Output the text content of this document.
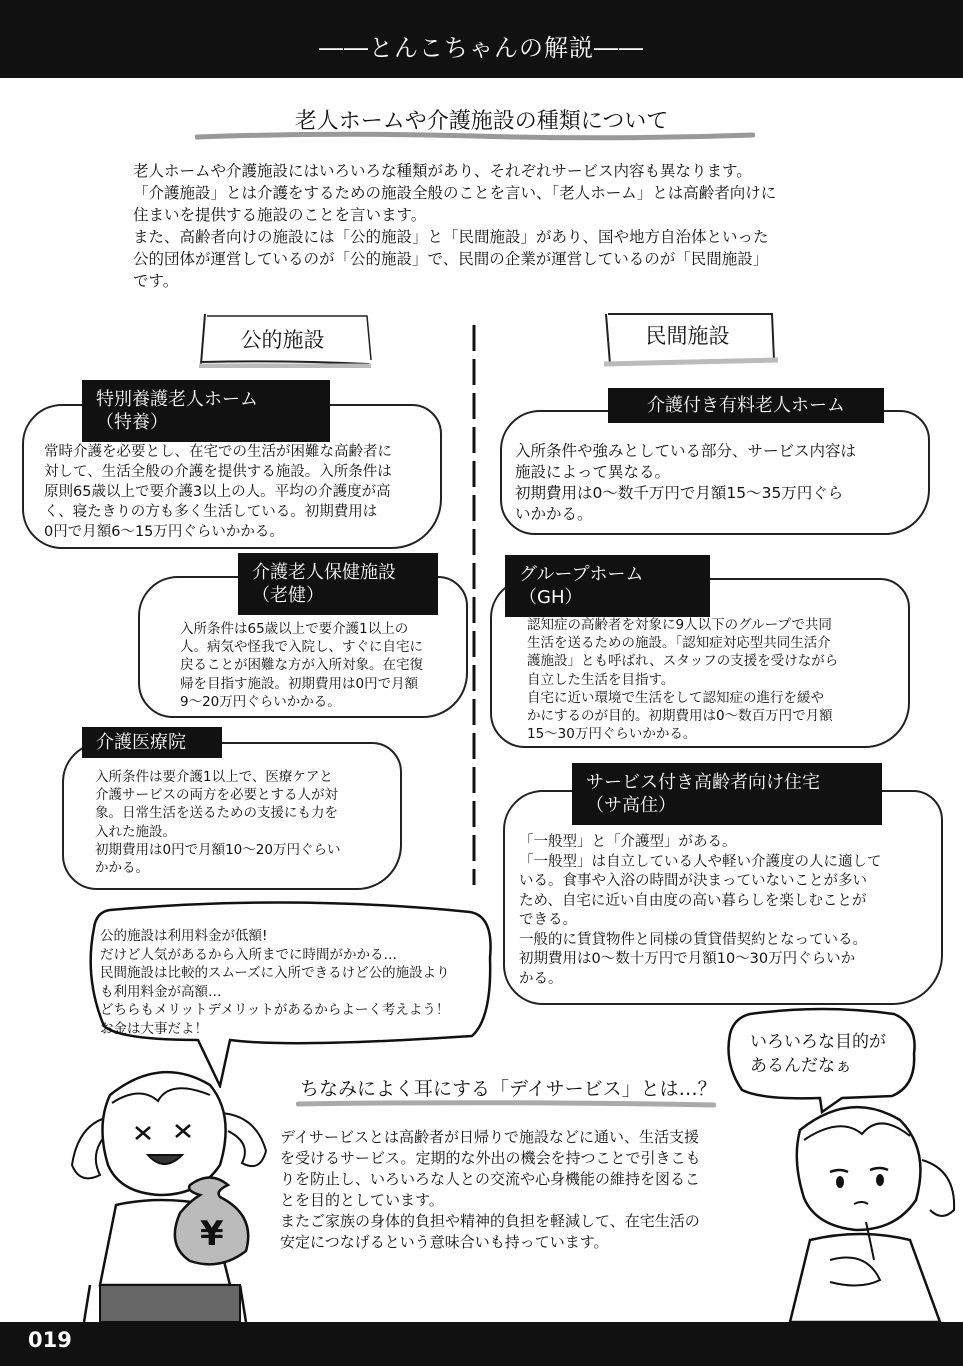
――とんこちゃんの解説――
019
老人ホームや介護施設の種類について

老人ホームや介護施設にはいろいろな種類があり、それぞれサービス内容も異なります。

「介護施設」とは介護をするための施設全般のことを言い、「老人ホーム」とは高齢者向けに

住まいを提供する施設のことを言います。

また、高齢者向けの施設には「公的施設」と「民間施設」があり、国や地方自治体といった

公的団体が運営しているのが「公的施設」で、民間の企業が運営しているのが「民間施設」

です。

公的施設	民間施設

特別養護老人ホーム

（特養）

常時介護を必要とし、在宅での生活が困難な高齢者に

対して、生活全般の介護を提供する施設。入所条件は

原則65歳以上で要介護3以上の人。平均の介護度が高

く、寝たきりの方も多く生活している。初期費用は

0円で月額6～15万円ぐらいかかる。

介護老人保健施設

（老健）

入所条件は65歳以上で要介護1以上の

人。病気や怪我で入院し、すぐに自宅に

戻ることが困難な方が入所対象。在宅復

帰を目指す施設。初期費用は0円で月額

9～20万円ぐらいかかる。

介護医療院

入所条件は要介護1以上で、医療ケアと

介護サービスの両方を必要とする人が対

象。日常生活を送るための支援にも力を

入れた施設。

初期費用は0円で月額10～20万円ぐらい

かかる。

介護付き有料老人ホーム

入所条件や強みとしている部分、サービス内容は

施設によって異なる。

初期費用は0～数千万円で月額15～35万円ぐら

いかかる。

グループホーム

（GH）

認知症の高齢者を対象に9人以下のグループで共同

生活を送るための施設。「認知症対応型共同生活介

護施設」とも呼ばれ、スタッフの支援を受けながら

自立した生活を目指す。

自宅に近い環境で生活をして認知症の進行を緩や

かにするのが目的。初期費用は0～数百万円で月額

15～30万円ぐらいかかる。

サービス付き高齢者向け住宅

（サ高住）

「一般型」と「介護型」がある。

「一般型」は自立している人や軽い介護度の人に適して

いる。食事や入浴の時間が決まっていないことが多い

ため、自宅に近い自由度の高い暮らしを楽しむことが

できる。

一般的に賃貸物件と同様の賃貸借契約となっている。

初期費用は0～数十万円で月額10～30万円ぐらいか

かる。

公的施設は利用料金が低額!

だけど人気があるから入所までに時間がかかる…

民間施設は比較的スムーズに入所できるけど公的施設より

も利用料金が高額…

どちらもメリットデメリットがあるからよーく考えよう！

お金は大事だよ！

いろいろな目的が

あるんだなぁ

¥
ちなみによく耳にする「デイサービス」とは…？

デイサービスとは高齢者が日帰りで施設などに通い、生活支援

を受けるサービス。定期的な外出の機会を持つことで引きこも

りを防止し、いろいろな人との交流や心身機能の維持を図るこ

とを目的としています。

またご家族の身体的負担や精神的負担を軽減して、在宅生活の

安定につなげるという意味合いも持っています。
